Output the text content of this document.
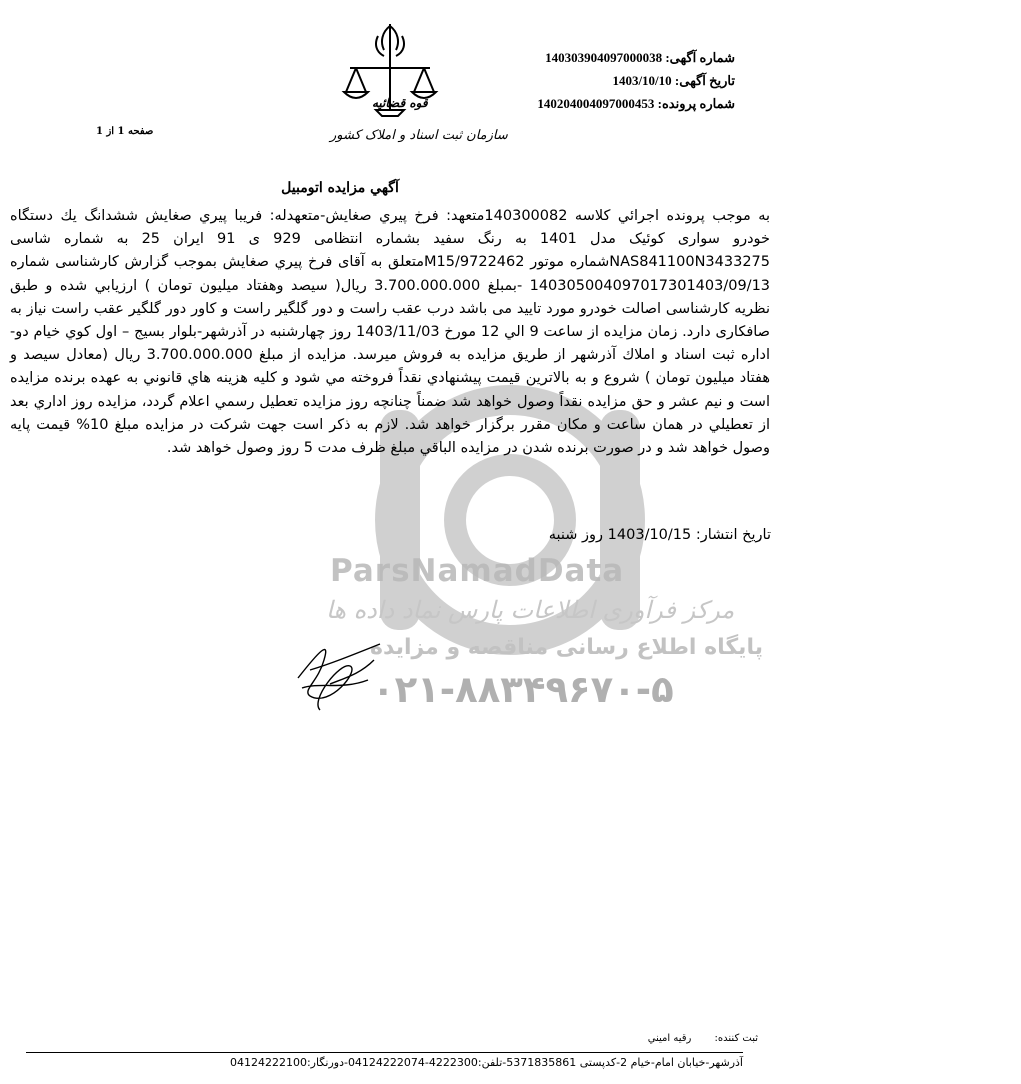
ParsNamadData
مرکز فرآوری اطلاعات پارس نماد داده ها
پایگاه اطلاع رسانی مناقصه و مزایده
۰۲۱-۸۸۳۴۹۶۷۰-۵
شماره آگهی: 140303904097000038
تاریخ آگهی: 1403/10/10
شماره پرونده: 140204004097000453
قوه قضائیه
سازمان ثبت اسناد و املاک کشور
صفحه 1 از 1
آگهي مزايده اتومبيل

به موجب پرونده اجرائي كلاسه 140300082متعهد: فرخ پيري صغايش-متعهدله: فريبا پيري صغايش ششدانگ يك دستگاه خودرو سواری كوئيک مدل 1401 به رنگ سفيد بشماره انتظامی 929 ی 91 ايران 25 به شماره شاسی NAS841100N3433275شماره موتور M15/9722462متعلق به آقای فرخ پيري صغايش بموجب گزارش كارشناسی شماره 140305004097017301403/09/13 -بمبلغ 3.700.000.000 ريال( سيصد وهفتاد ميليون تومان ) ارزيابي شده و طبق نظريه كارشناسی اصالت خودرو مورد تاييد می باشد درب عقب راست و دور گلگير راست و كاور دور گلگير عقب راست نياز به صافكاری دارد. زمان مزايده از ساعت 9 الي 12 مورخ 1403/11/03 روز چهارشنبه در آذرشهر-بلوار بسيج – اول كوي خيام دو-اداره ثبت اسناد و املاك آذرشهر از طريق مزايده به فروش ميرسد. مزايده از مبلغ 3.700.000.000 ريال (معادل سيصد و هفتاد ميليون تومان ) شروع و به بالاترين قيمت پيشنهادي نقداً فروخته مي شود و كليه هزينه هاي قانوني به عهده برنده مزايده است و نيم عشر و حق مزايده نقداً وصول خواهد شد ضمناً چنانچه روز مزايده تعطيل رسمي اعلام گردد، مزايده روز اداري بعد از تعطيلي در همان ساعت و مكان مقرر برگزار خواهد شد. لازم به ذکر است جهت شرکت در مزايده مبلغ 10% قيمت پايه وصول خواهد شد و در صورت برنده شدن در مزايده الباقي مبلغ ظرف مدت 5 روز وصول خواهد شد.

تاريخ انتشار: 1403/10/15 روز شنبه
ثبت كننده: رقيه اميني
آذرشهر-خيابان امام-خيام 2-کدپستی 5371835861-تلفن:4222300-04124222074-دورنگار:04124222100
